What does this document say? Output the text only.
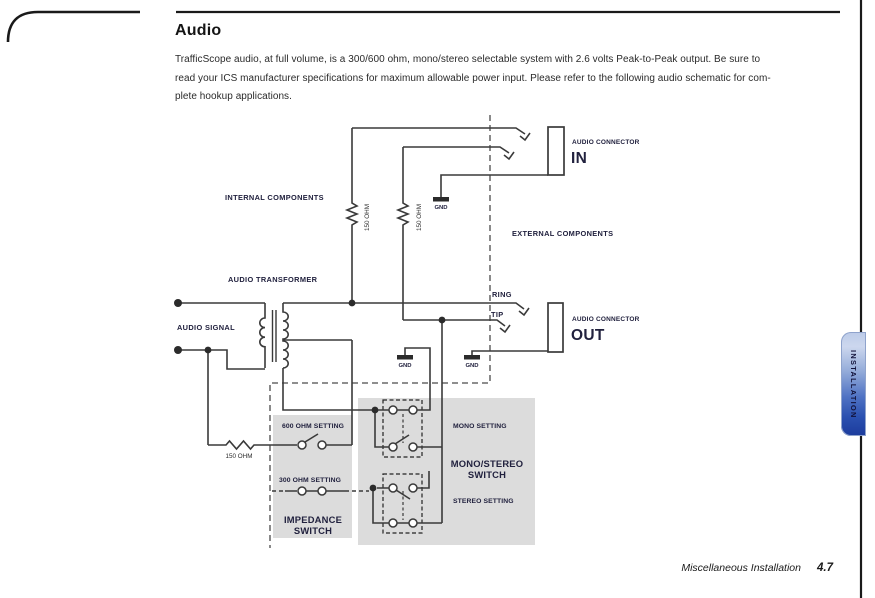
Audio
TrafficScope audio, at full volume, is a 300/600 ohm, mono/stereo selectable system with 2.6 volts Peak-to-Peak output. Be sure to
read your ICS manufacturer specifications for maximum allowable power input. Please refer to the following audio schematic for com-
plete hookup applications.
INTERNAL COMPONENTS
EXTERNAL COMPONENTS
AUDIO TRANSFORMER
AUDIO SIGNAL
RING
TIP
GND
GND	GND
150 OHM	150 OHM
150 OHM
AUDIO CONNECTOR
IN
AUDIO CONNECTOR
OUT
600 OHM SETTING
300 OHM SETTING
IMPEDANCE
SWITCH
MONO SETTING
MONO/STEREO
SWITCH
STEREO SETTING
INSTALLATION
Miscellaneous Installation 4.7
